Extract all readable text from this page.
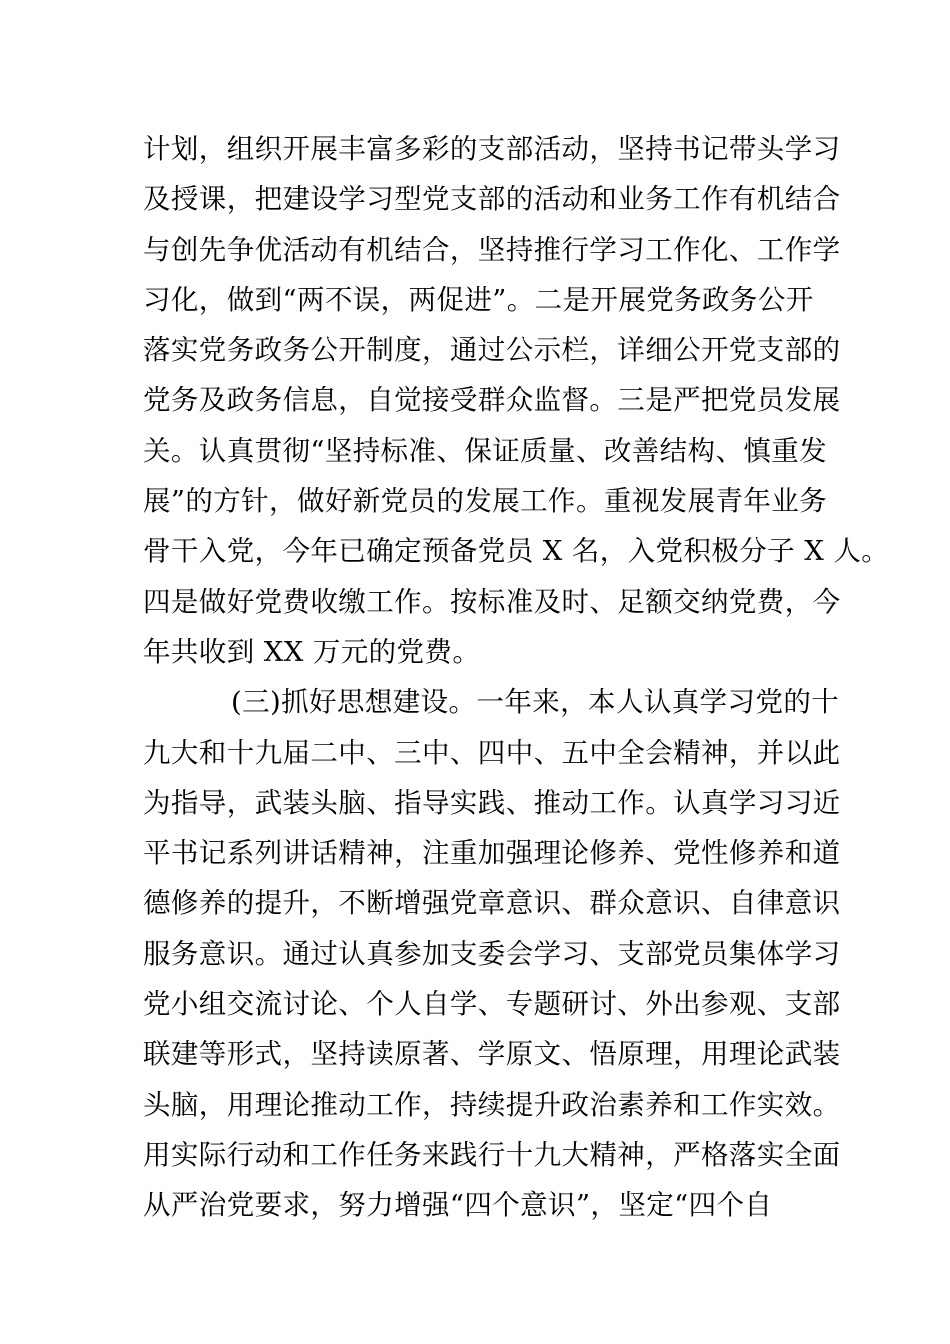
计划，组织开展丰富多彩的支部活动，坚持书记带头学习
及授课，把建设学习型党支部的活动和业务工作有机结合
与创先争优活动有机结合，坚持推行学习工作化、工作学
习化，做到“两不误，两促进”。二是开展党务政务公开
落实党务政务公开制度，通过公示栏，详细公开党支部的
党务及政务信息，自觉接受群众监督。三是严把党员发展
关。认真贯彻“坚持标准、保证质量、改善结构、慎重发
展”的方针，做好新党员的发展工作。重视发展青年业务
骨干入党，今年已确定预备党员 X 名，入党积极分子 X 人。
四是做好党费收缴工作。按标准及时、足额交纳党费，今
年共收到 XX 万元的党费。
(三)抓好思想建设。一年来，本人认真学习党的十
九大和十九届二中、三中、四中、五中全会精神，并以此
为指导，武装头脑、指导实践、推动工作。认真学习习近
平书记系列讲话精神，注重加强理论修养、党性修养和道
德修养的提升，不断增强党章意识、群众意识、自律意识
服务意识。通过认真参加支委会学习、支部党员集体学习
党小组交流讨论、个人自学、专题研讨、外出参观、支部
联建等形式，坚持读原著、学原文、悟原理，用理论武装
头脑，用理论推动工作，持续提升政治素养和工作实效。
用实际行动和工作任务来践行十九大精神，严格落实全面
从严治党要求，努力增强“四个意识”，坚定“四个自
